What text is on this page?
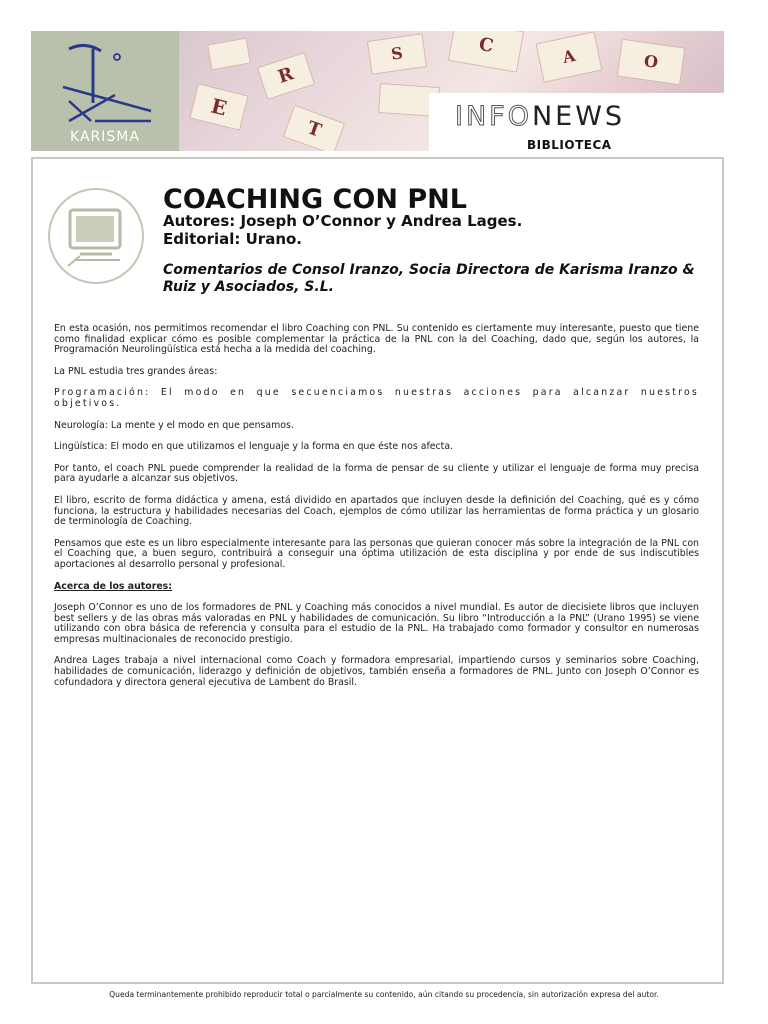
KARISMA
E
R
T
C
S	A	O
INFONEWS
BIBLIOTECA
COACHING CON PNL
Autores: Joseph O’Connor y Andrea Lages.
Editorial: Urano.
Comentarios de Consol Iranzo, Socia Directora de Karisma Iranzo & Ruiz y Asociados, S.L.

En esta ocasión, nos permitimos recomendar el libro Coaching con PNL. Su contenido es ciertamente muy interesante, puesto que tiene como finalidad explicar cómo es posible complementar la práctica de la PNL con la del Coaching, dado que, según los autores, la Programación Neurolingüística está hecha a la medida del coaching.

La PNL estudia tres grandes áreas:

Programación: El modo en que secuenciamos nuestras acciones para alcanzar nuestros objetivos.

Neurología: La mente y el modo en que pensamos.

Lingüística: El modo en que utilizamos el lenguaje y la forma en que éste nos afecta.

Por tanto, el coach PNL puede comprender la realidad de la forma de pensar de su cliente y utilizar el lenguaje de forma muy precisa para ayudarle a alcanzar sus objetivos.

El libro, escrito de forma didáctica y amena, está dividido en apartados que incluyen desde la definición del Coaching, qué es y cómo funciona, la estructura y habilidades necesarias del Coach, ejemplos de cómo utilizar las herramientas de forma práctica y un glosario de terminología de Coaching.

Pensamos que este es un libro especialmente interesante para las personas que quieran conocer más sobre la integración de la PNL con el Coaching que, a buen seguro, contribuirá a conseguir una óptima utilización de esta disciplina y por ende de sus indiscutibles aportaciones al desarrollo personal y profesional.

Acerca de los autores:

Joseph O’Connor es uno de los formadores de PNL y Coaching más conocidos a nivel mundial. Es autor de diecisiete libros que incluyen best sellers y de las obras más valoradas en PNL y habilidades de comunicación. Su libro “Introducción a la PNL” (Urano 1995) se viene utilizando con obra básica de referencia y consulta para el estudio de la PNL. Ha trabajado como formador y consultor en numerosas empresas multinacionales de reconocido prestigio.

Andrea Lages trabaja a nivel internacional como Coach y formadora empresarial, impartiendo cursos y seminarios sobre Coaching, habilidades de comunicación, liderazgo y definición de objetivos, también enseña a formadores de PNL. Junto con Joseph O’Connor es cofundadora y directora general ejecutiva de Lambent do Brasil.

Queda terminantemente prohibido reproducir total o parcialmente su contenido, aún citando su procedencia, sin autorización expresa del autor.
